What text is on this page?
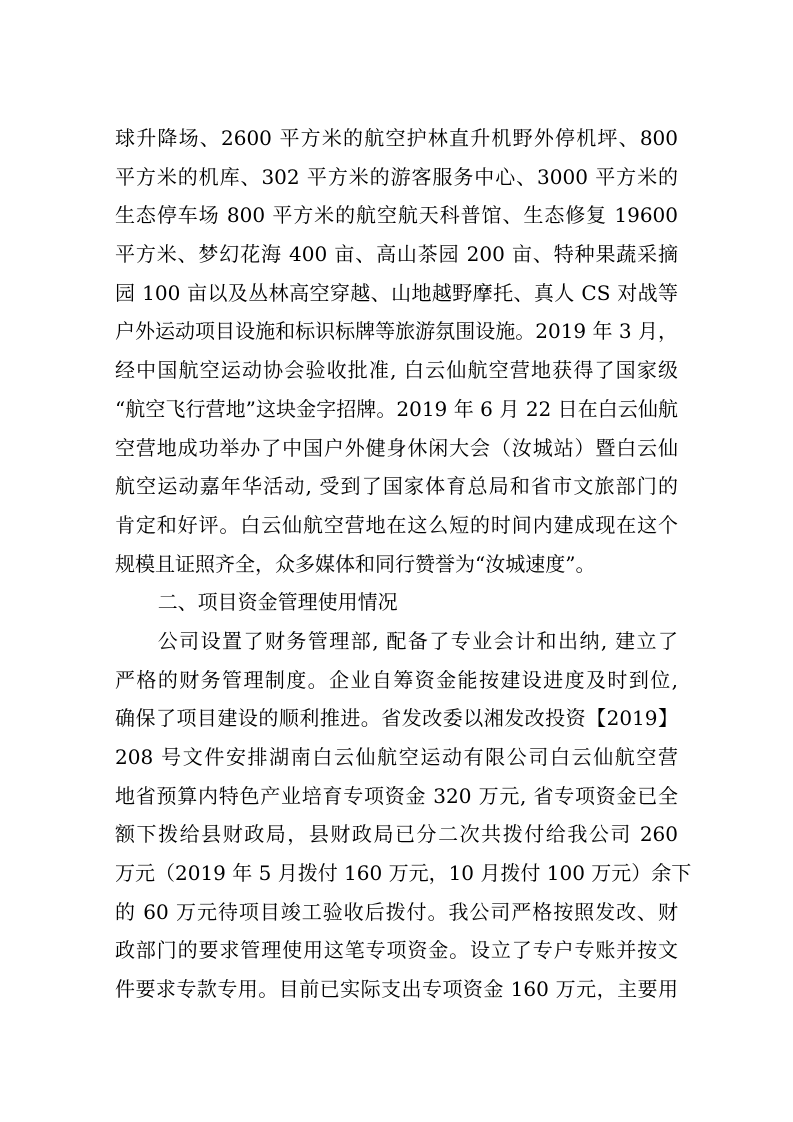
球升降场、2600 平方米的航空护林直升机野外停机坪、800
平方米的机库、302 平方米的游客服务中心、3000 平方米的
生态停车场 800 平方米的航空航天科普馆、生态修复 19600
平方米、梦幻花海 400 亩、高山茶园 200 亩、特种果蔬采摘
园 100 亩以及丛林高空穿越、山地越野摩托、真人 CS 对战等
户外运动项目设施和标识标牌等旅游氛围设施。2019 年 3 月，
经中国航空运动协会验收批准, 白云仙航空营地获得了国家级
“航空飞行营地”这块金字招牌。2019 年 6 月 22 日在白云仙航
空营地成功举办了中国户外健身休闲大会（汝城站）暨白云仙
航空运动嘉年华活动, 受到了国家体育总局和省市文旅部门的
肯定和好评。白云仙航空营地在这么短的时间内建成现在这个
规模且证照齐全，众多媒体和同行赞誉为“汝城速度”。
二、项目资金管理使用情况
公司设置了财务管理部, 配备了专业会计和出纳, 建立了
严格的财务管理制度。企业自筹资金能按建设进度及时到位,
确保了项目建设的顺利推进。省发改委以湘发改投资【2019】
208 号文件安排湖南白云仙航空运动有限公司白云仙航空营
地省预算内特色产业培育专项资金 320 万元, 省专项资金已全
额下拨给县财政局，县财政局已分二次共拨付给我公司 260
万元（2019 年 5 月拨付 160 万元，10 月拨付 100 万元）余下
的 60 万元待项目竣工验收后拨付。我公司严格按照发改、财
政部门的要求管理使用这笔专项资金。设立了专户专账并按文
件要求专款专用。目前已实际支出专项资金 160 万元，主要用
